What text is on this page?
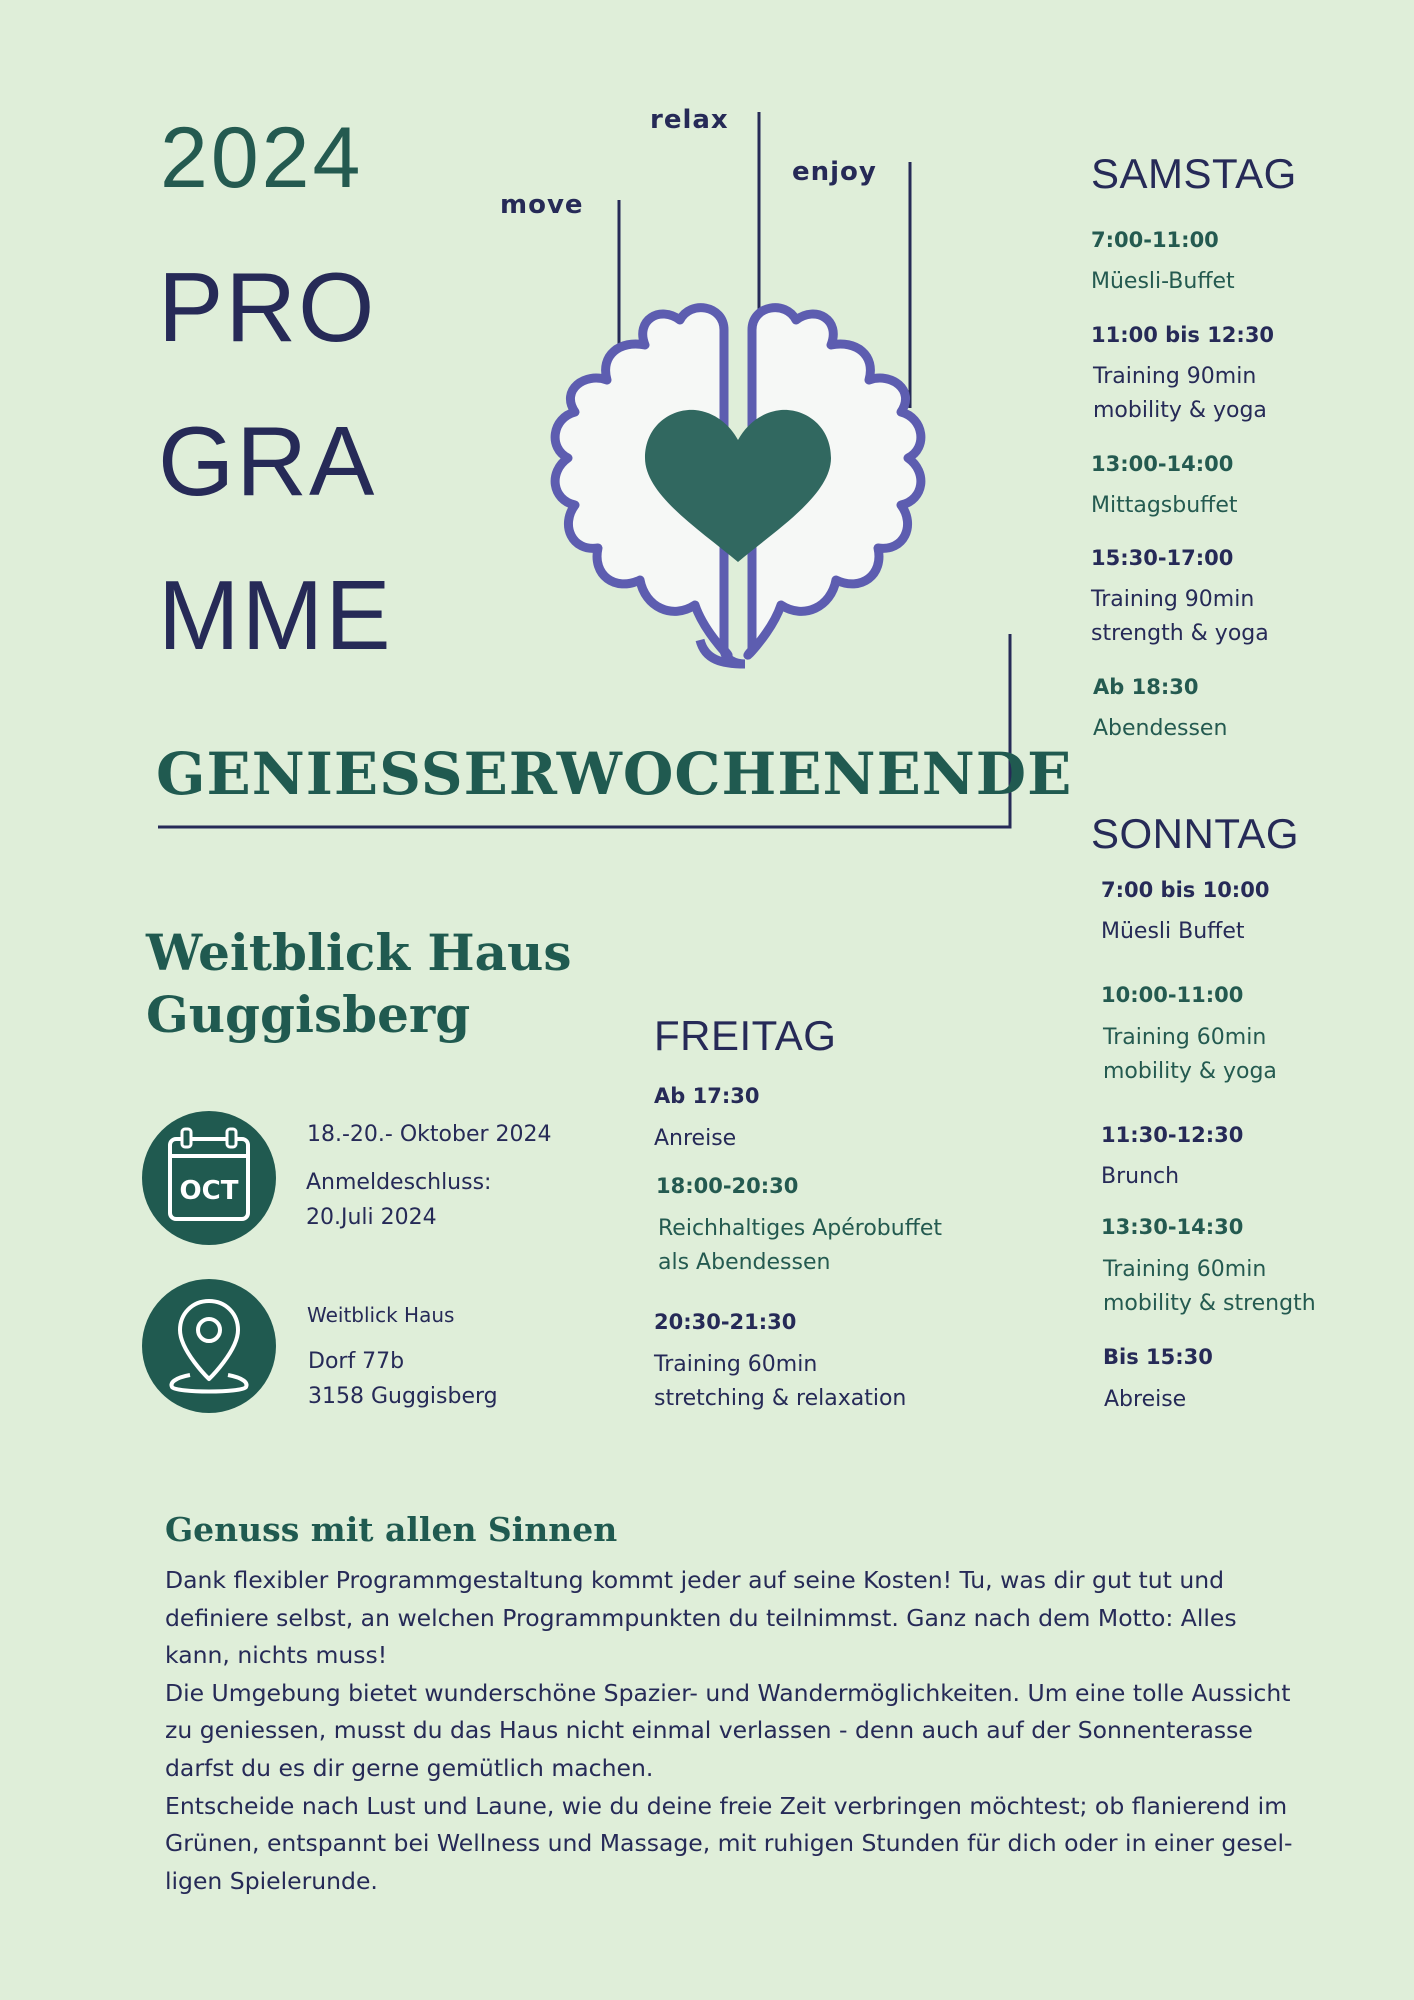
2024
PRO
GRA
MME
move
relax
enjoy
GENIESSERWOCHENENDE
Weitblick Haus
Guggisberg
OCT
18.-20.- Oktober 2024
Anmeldeschluss:
20.Juli 2024
Weitblick Haus
Dorf 77b
3158 Guggisberg
FREITAG
Ab 17:30
Anreise
18:00-20:30
Reichhaltiges Apérobuffet
als Abendessen
20:30-21:30
Training 60min
stretching & relaxation
SAMSTAG
7:00-11:00
Müesli-Buffet
11:00 bis 12:30
Training 90min
mobility & yoga
13:00-14:00
Mittagsbuffet
15:30-17:00
Training 90min
strength & yoga
Ab 18:30
Abendessen
SONNTAG
7:00 bis 10:00
Müesli Buffet
10:00-11:00
Training 60min
mobility & yoga
11:30-12:30
Brunch
13:30-14:30
Training 60min
mobility & strength
Bis 15:30
Abreise
Genuss mit allen Sinnen
Dank flexibler Programmgestaltung kommt jeder auf seine Kosten! Tu, was dir gut tut und
definiere selbst, an welchen Programmpunkten du teilnimmst. Ganz nach dem Motto: Alles
kann, nichts muss!
Die Umgebung bietet wunderschöne Spazier- und Wandermöglichkeiten. Um eine tolle Aussicht
zu geniessen, musst du das Haus nicht einmal verlassen - denn auch auf der Sonnenterasse
darfst du es dir gerne gemütlich machen.
Entscheide nach Lust und Laune, wie du deine freie Zeit verbringen möchtest; ob flanierend im
Grünen, entspannt bei Wellness und Massage, mit ruhigen Stunden für dich oder in einer gesel-
ligen Spielerunde.
